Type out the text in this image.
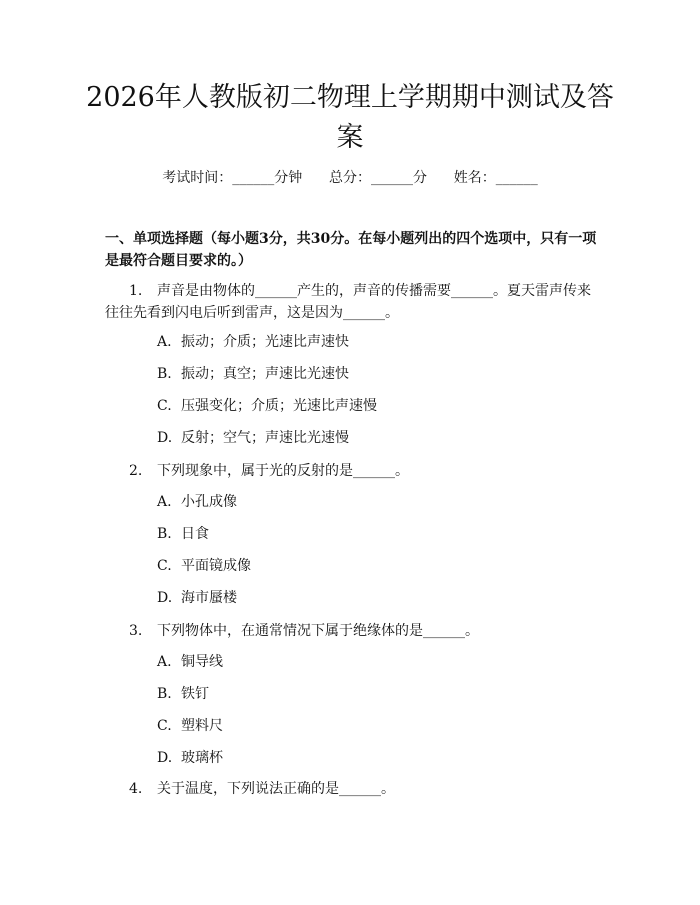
2026年人教版初二物理上学期期中测试及答案
考试时间：______分钟      总分：______分      姓名：______
一、单项选择题（每小题3分，共30分。在每小题列出的四个选项中，只有一项是最符合题目要求的。）
1. 声音是由物体的______产生的，声音的传播需要______。夏天雷声传来往往先看到闪电后听到雷声，这是因为______。
A. 振动；介质；光速比声速快
B. 振动；真空；声速比光速快
C. 压强变化；介质；光速比声速慢
D. 反射；空气；声速比光速慢
2. 下列现象中，属于光的反射的是______。
A. 小孔成像
B. 日食
C. 平面镜成像
D. 海市蜃楼
3. 下列物体中，在通常情况下属于绝缘体的是______。
A. 铜导线
B. 铁钉
C. 塑料尺
D. 玻璃杯
4. 关于温度，下列说法正确的是______。
